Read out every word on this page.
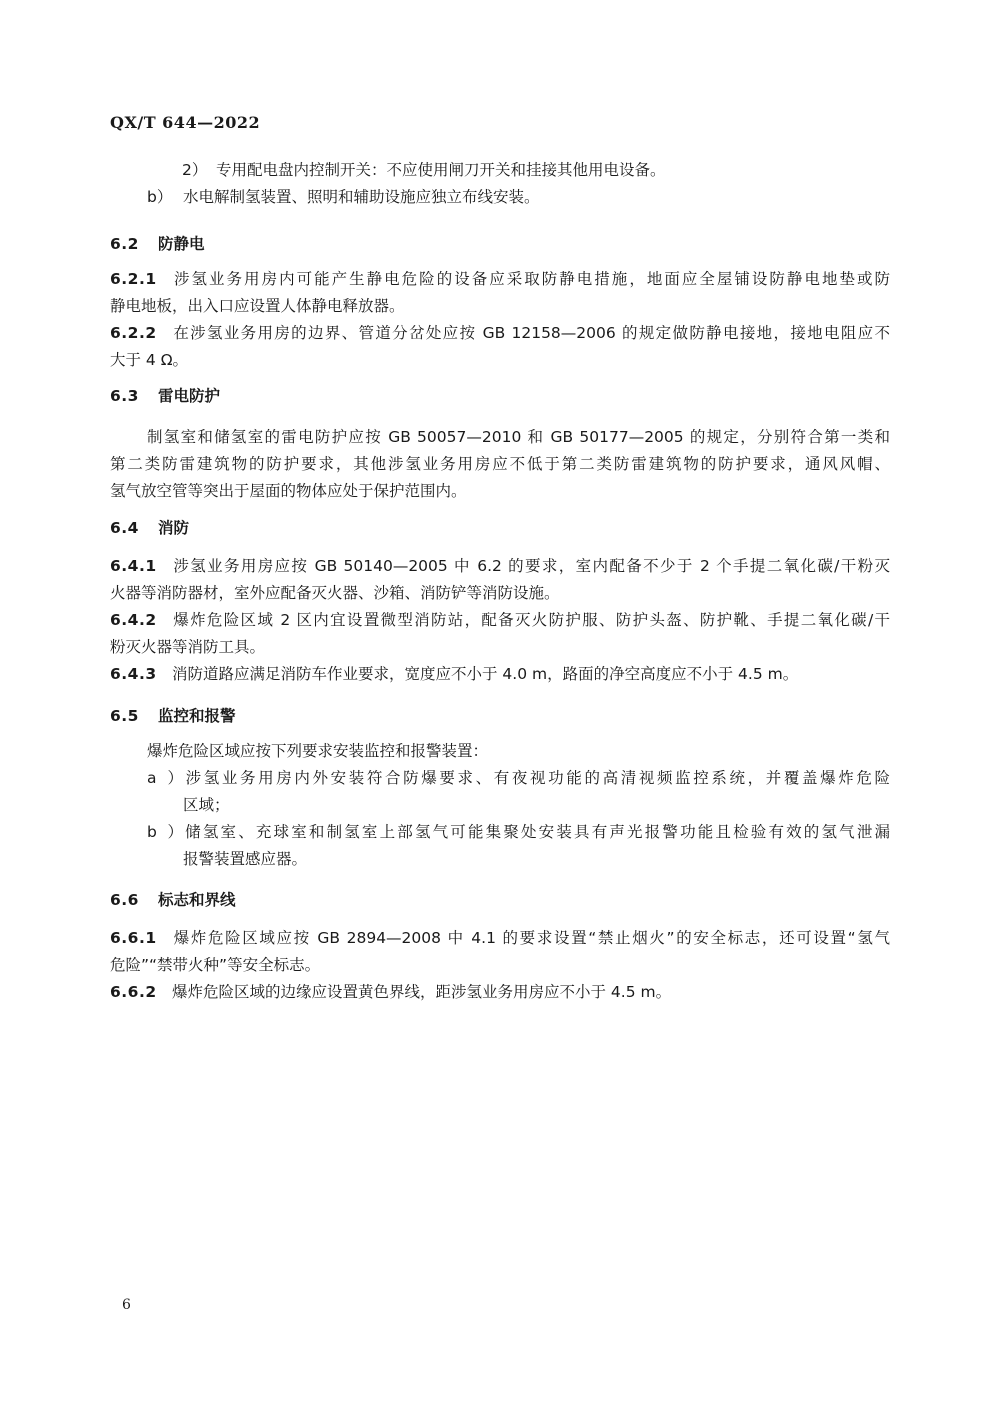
QX/T 644—2022
2） 专用配电盘内控制开关：不应使用闸刀开关和挂接其他用电设备。
b） 水电解制氢装置、照明和辅助设施应独立布线安装。
6.2 防静电
6.2.1 涉氢业务用房内可能产生静电危险的设备应采取防静电措施，地面应全屋铺设防静电地垫或防
静电地板，出入口应设置人体静电释放器。
6.2.2 在涉氢业务用房的边界、管道分岔处应按 GB 12158—2006 的规定做防静电接地，接地电阻应不
大于 4 Ω。
6.3 雷电防护
制氢室和储氢室的雷电防护应按 GB 50057—2010 和 GB 50177—2005 的规定，分别符合第一类和
第二类防雷建筑物的防护要求，其他涉氢业务用房应不低于第二类防雷建筑物的防护要求，通风风帽、
氢气放空管等突出于屋面的物体应处于保护范围内。
6.4 消防
6.4.1 涉氢业务用房应按 GB 50140—2005 中 6.2 的要求，室内配备不少于 2 个手提二氧化碳/干粉灭
火器等消防器材，室外应配备灭火器、沙箱、消防铲等消防设施。
6.4.2 爆炸危险区域 2 区内宜设置微型消防站，配备灭火防护服、防护头盔、防护靴、手提二氧化碳/干
粉灭火器等消防工具。
6.4.3 消防道路应满足消防车作业要求，宽度应不小于 4.0 m，路面的净空高度应不小于 4.5 m。
6.5 监控和报警
爆炸危险区域应按下列要求安装监控和报警装置：
a）涉氢业务用房内外安装符合防爆要求、有夜视功能的高清视频监控系统，并覆盖爆炸危险
区域；
b）储氢室、充球室和制氢室上部氢气可能集聚处安装具有声光报警功能且检验有效的氢气泄漏
报警装置感应器。
6.6 标志和界线
6.6.1 爆炸危险区域应按 GB 2894—2008 中 4.1 的要求设置“禁止烟火”的安全标志，还可设置“氢气
危险”“禁带火种”等安全标志。
6.6.2 爆炸危险区域的边缘应设置黄色界线，距涉氢业务用房应不小于 4.5 m。
6
